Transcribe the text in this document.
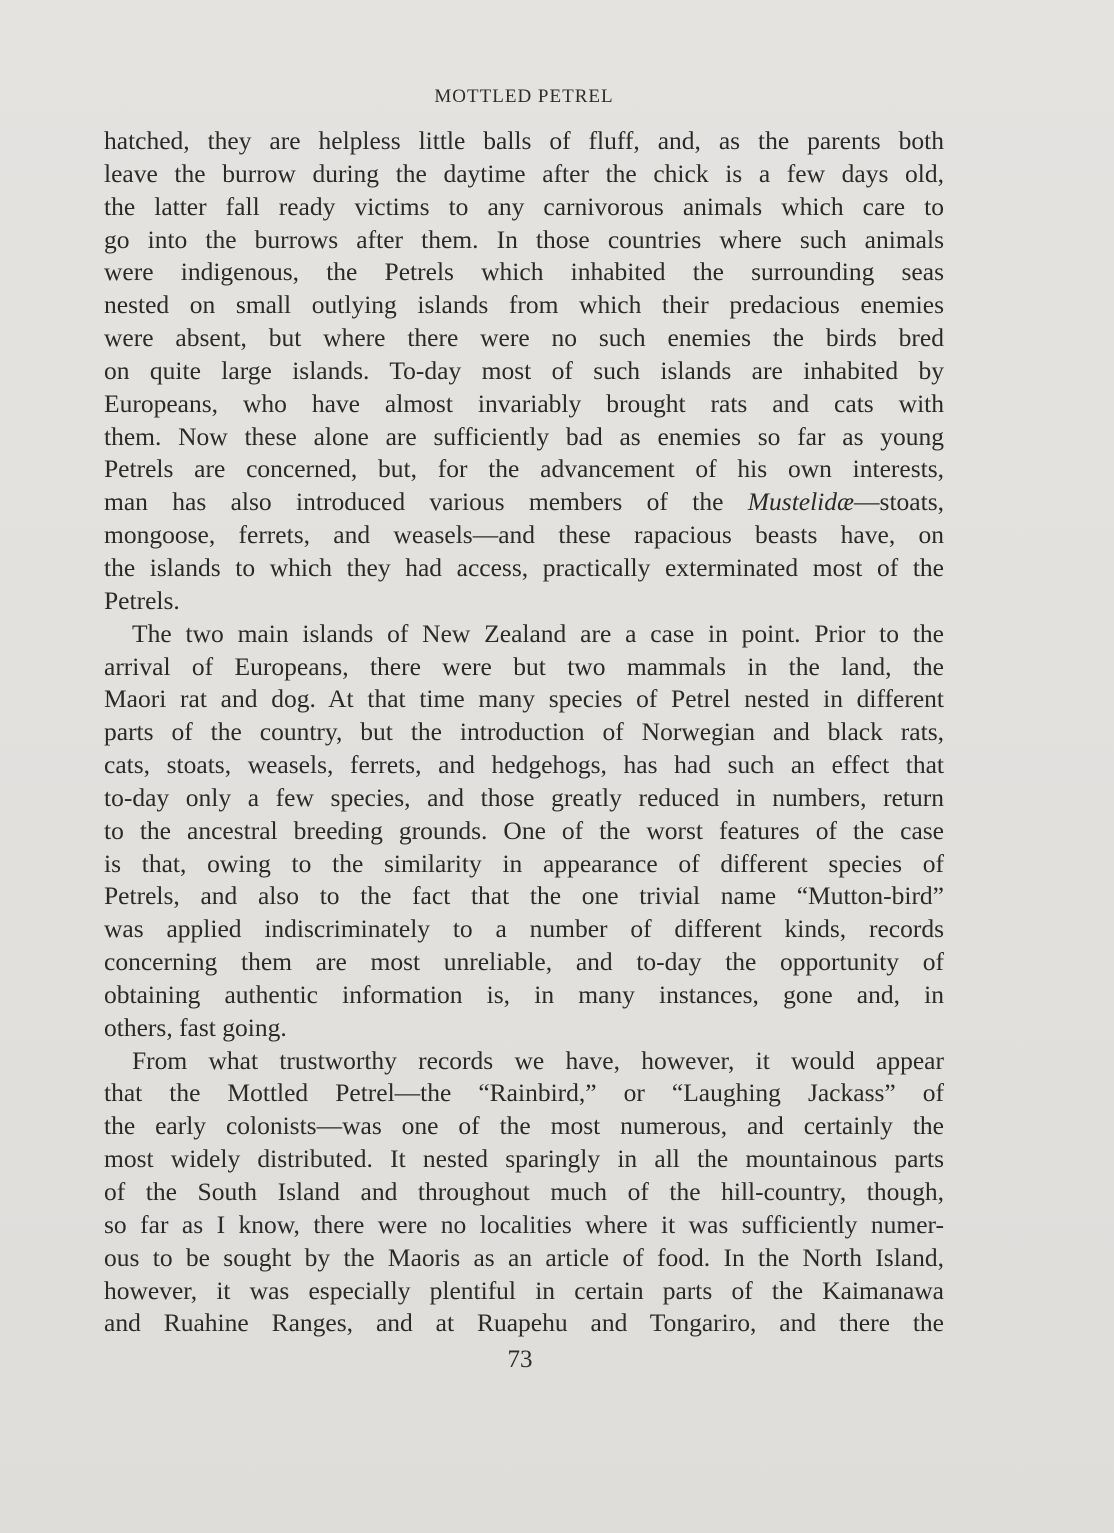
MOTTLED PETREL
hatched, they are helpless little balls of fluff, and, as the parents both
leave the burrow during the daytime after the chick is a few days old,
the latter fall ready victims to any carnivorous animals which care to
go into the burrows after them. In those countries where such animals
were indigenous, the Petrels which inhabited the surrounding seas
nested on small outlying islands from which their predacious enemies
were absent, but where there were no such enemies the birds bred
on quite large islands. To-day most of such islands are inhabited by
Europeans, who have almost invariably brought rats and cats with
them. Now these alone are sufficiently bad as enemies so far as young
Petrels are concerned, but, for the advancement of his own interests,
man has also introduced various members of the Mustelidæ—stoats,
mongoose, ferrets, and weasels—and these rapacious beasts have, on
the islands to which they had access, practically exterminated most of the
Petrels.
The two main islands of New Zealand are a case in point. Prior to the
arrival of Europeans, there were but two mammals in the land, the
Maori rat and dog. At that time many species of Petrel nested in different
parts of the country, but the introduction of Norwegian and black rats,
cats, stoats, weasels, ferrets, and hedgehogs, has had such an effect that
to-day only a few species, and those greatly reduced in numbers, return
to the ancestral breeding grounds. One of the worst features of the case
is that, owing to the similarity in appearance of different species of
Petrels, and also to the fact that the one trivial name “Mutton-bird”
was applied indiscriminately to a number of different kinds, records
concerning them are most unreliable, and to-day the opportunity of
obtaining authentic information is, in many instances, gone and, in
others, fast going.
From what trustworthy records we have, however, it would appear
that the Mottled Petrel—the “Rainbird,” or “Laughing Jackass” of
the early colonists—was one of the most numerous, and certainly the
most widely distributed. It nested sparingly in all the mountainous parts
of the South Island and throughout much of the hill-country, though,
so far as I know, there were no localities where it was sufficiently numer-
ous to be sought by the Maoris as an article of food. In the North Island,
however, it was especially plentiful in certain parts of the Kaimanawa
and Ruahine Ranges, and at Ruapehu and Tongariro, and there the
73
